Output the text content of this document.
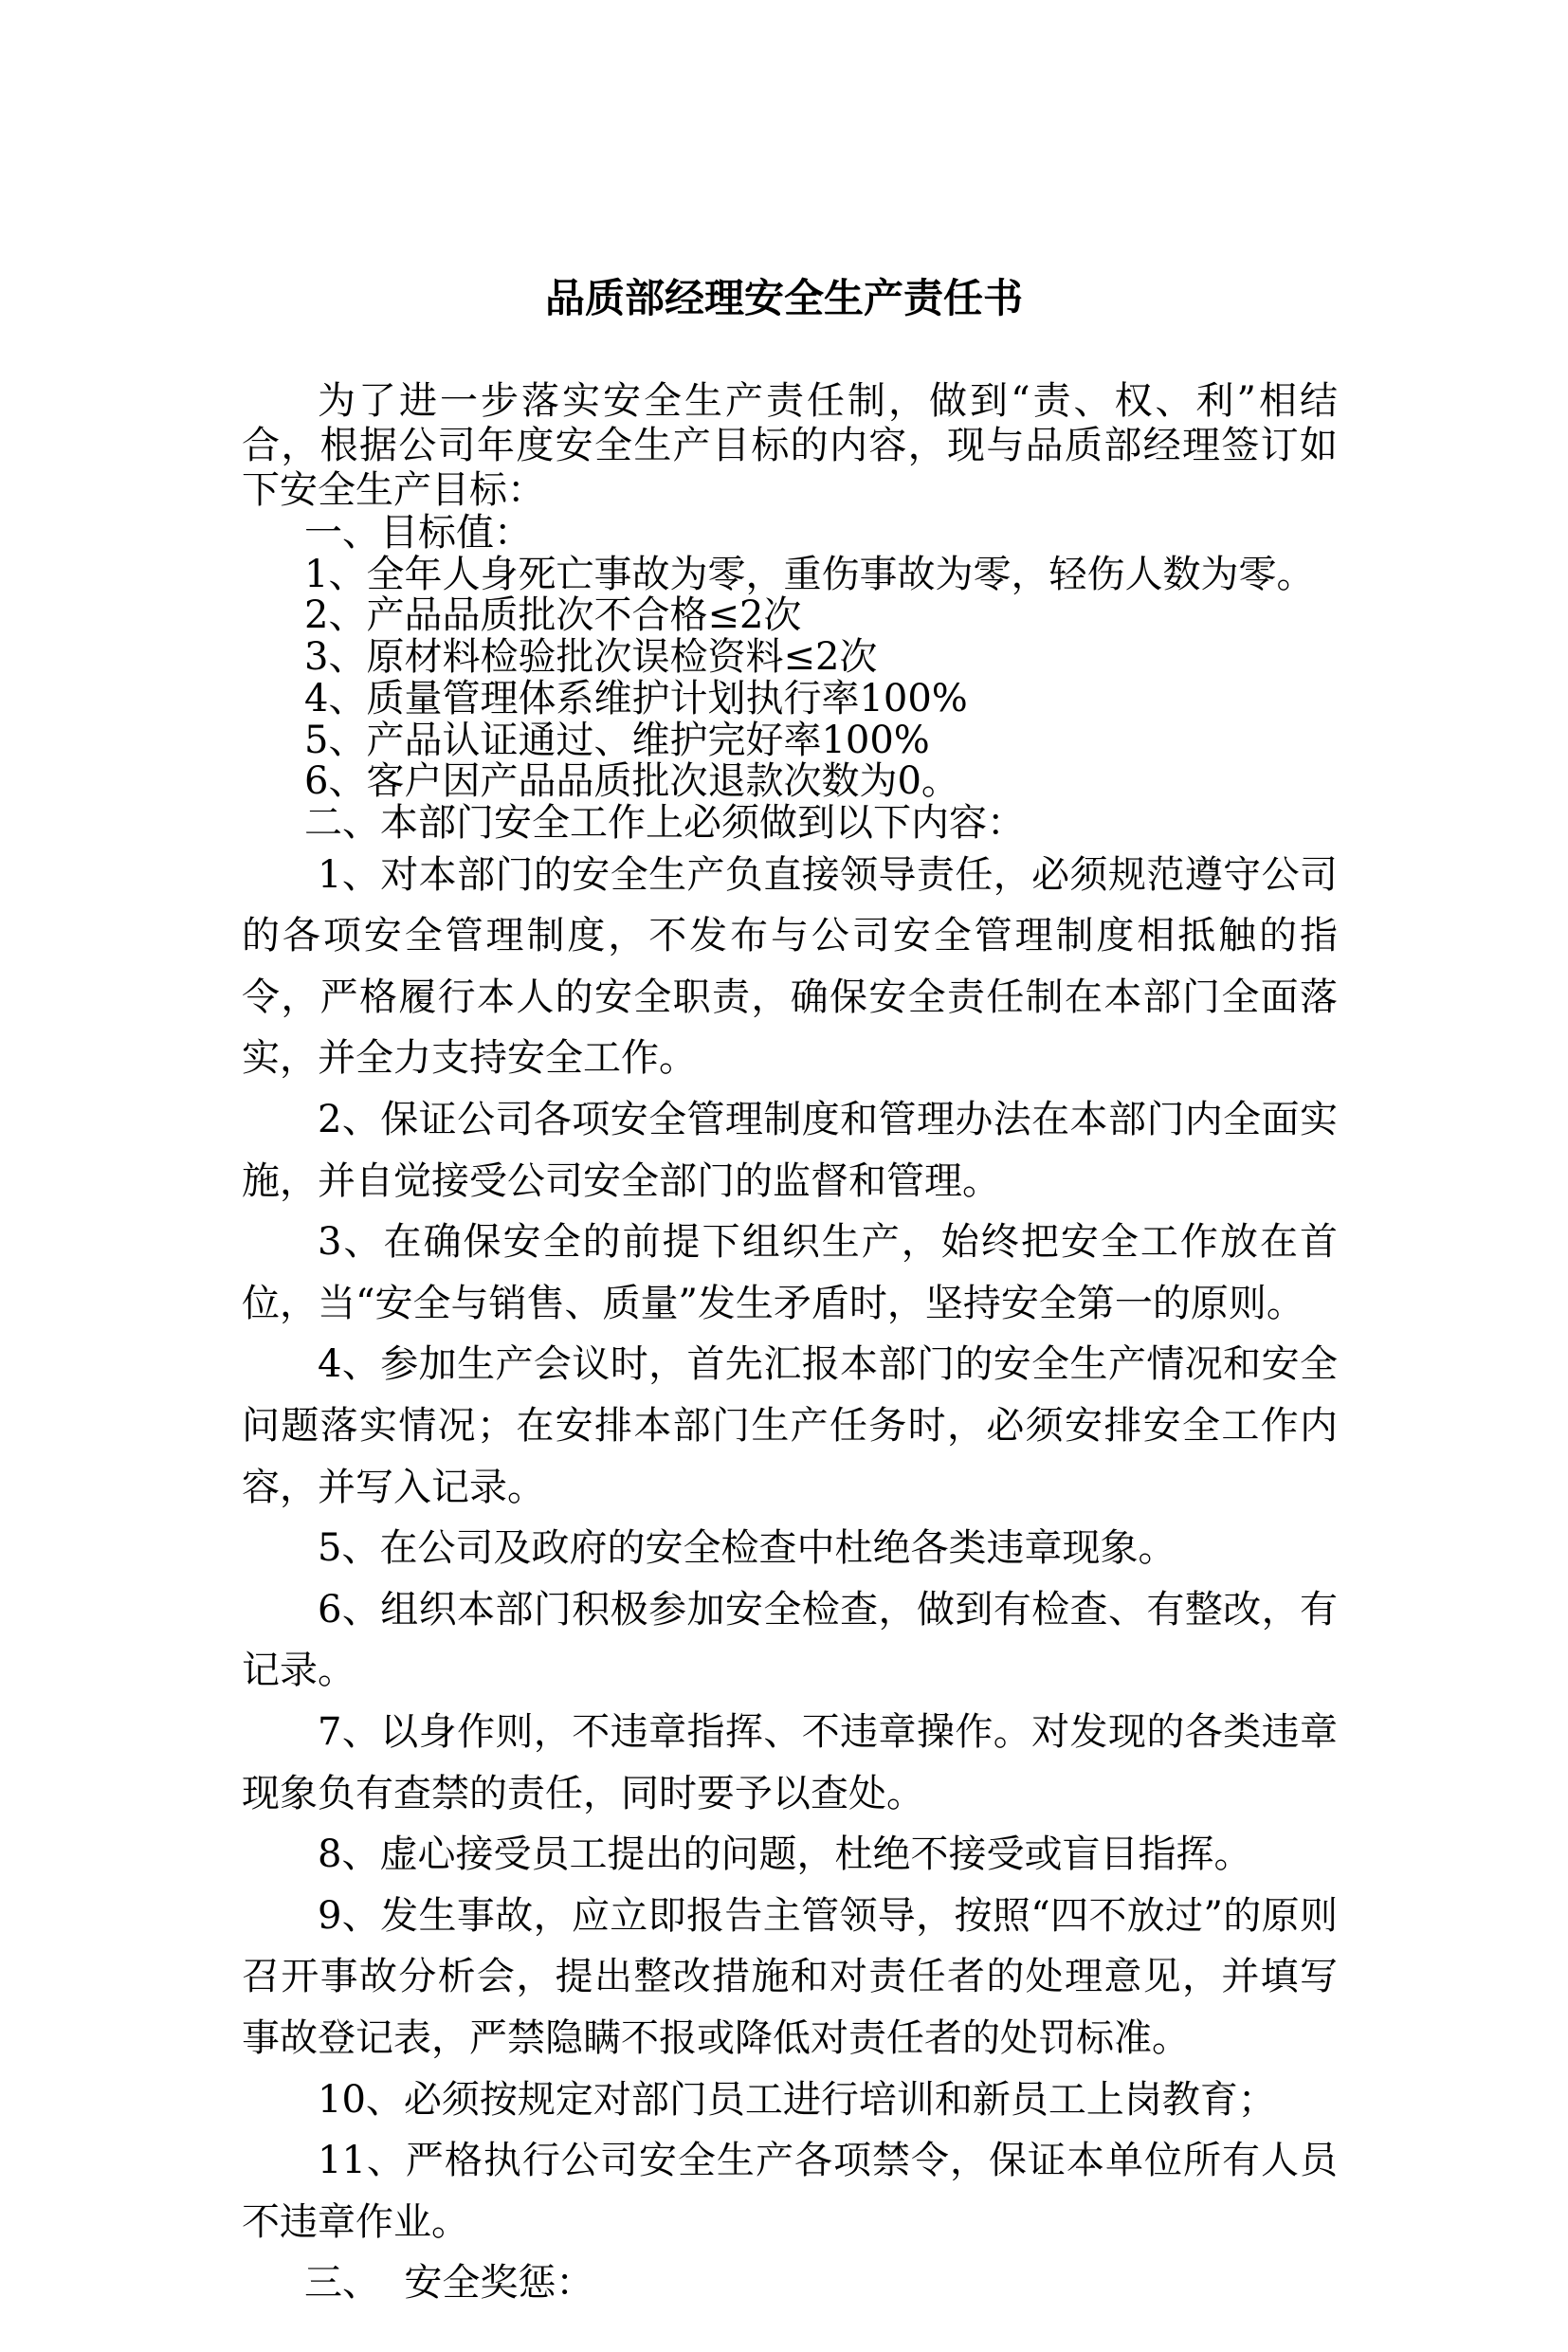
品质部经理安全生产责任书
为了进一步落实安全生产责任制，做到“责、权、利”相结合，根据公司年度安全生产目标的内容，现与品质部经理签订如下安全生产目标：
一、目标值：
1、全年人身死亡事故为零，重伤事故为零，轻伤人数为零。
2、产品品质批次不合格≤2次
3、原材料检验批次误检资料≤2次
4、质量管理体系维护计划执行率100%
5、产品认证通过、维护完好率100%
6、客户因产品品质批次退款次数为0。
二、本部门安全工作上必须做到以下内容：

1、对本部门的安全生产负直接领导责任，必须规范遵守公司的各项安全管理制度，不发布与公司安全管理制度相抵触的指令，严格履行本人的安全职责，确保安全责任制在本部门全面落实，并全力支持安全工作。

2、保证公司各项安全管理制度和管理办法在本部门内全面实施，并自觉接受公司安全部门的监督和管理。

3、在确保安全的前提下组织生产，始终把安全工作放在首位，当“安全与销售、质量”发生矛盾时，坚持安全第一的原则。

4、参加生产会议时，首先汇报本部门的安全生产情况和安全问题落实情况；在安排本部门生产任务时，必须安排安全工作内容，并写入记录。

5、在公司及政府的安全检查中杜绝各类违章现象。

6、组织本部门积极参加安全检查，做到有检查、有整改，有记录。

7、以身作则，不违章指挥、不违章操作。对发现的各类违章现象负有查禁的责任，同时要予以查处。

8、虚心接受员工提出的问题，杜绝不接受或盲目指挥。

9、发生事故，应立即报告主管领导，按照“四不放过”的原则召开事故分析会，提出整改措施和对责任者的处理意见，并填写事故登记表，严禁隐瞒不报或降低对责任者的处罚标准。

10、必须按规定对部门员工进行培训和新员工上岗教育；

11、严格执行公司安全生产各项禁令，保证本单位所有人员不违章作业。

三、  安全奖惩：
